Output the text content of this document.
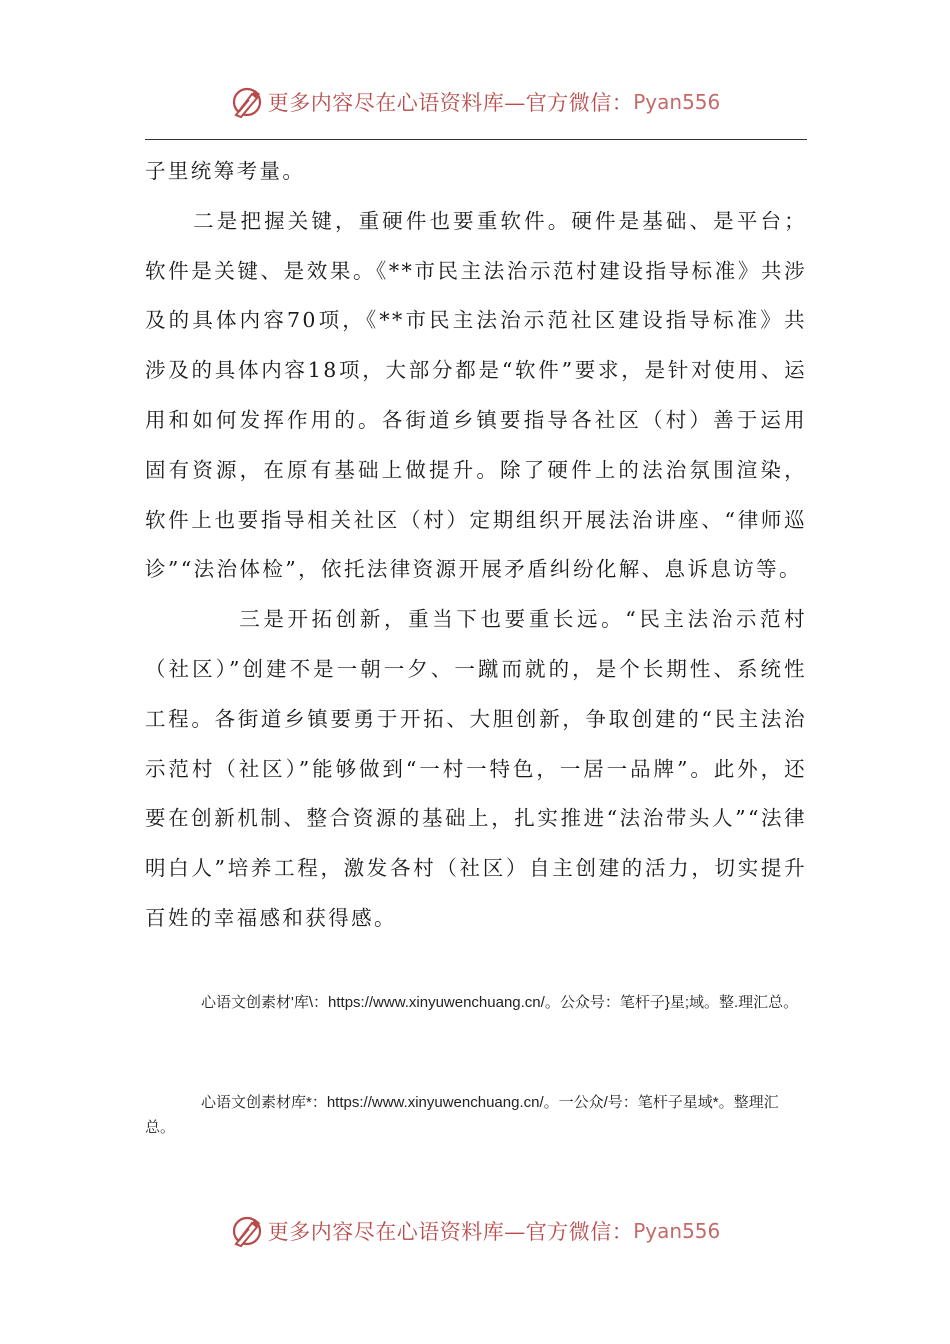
更多内容尽在心语资料库—官方微信： Pyan556

子里统筹考量。

二是把握关键，重硬件也要重软件。硬件是基础、是平台；软件是关键、是效果。《**市民主法治示范村建设指导标准》共涉及的具体内容70项，《**市民主法治示范社区建设指导标准》共涉及的具体内容18项，大部分都是“软件”要求，是针对使用、运用和如何发挥作用的。各街道乡镇要指导各社区（村）善于运用固有资源，在原有基础上做提升。除了硬件上的法治氛围渲染，软件上也要指导相关社区（村）定期组织开展法治讲座、“律师巡诊”“法治体检”，依托法律资源开展矛盾纠纷化解、息诉息访等。

三是开拓创新，重当下也要重长远。“民主法治示范村（社区）”创建不是一朝一夕、一蹴而就的，是个长期性、系统性工程。各街道乡镇要勇于开拓、大胆创新，争取创建的“民主法治示范村（社区）”能够做到“一村一特色，一居一品牌”。此外，还要在创新机制、整合资源的基础上，扎实推进“法治带头人”“法律明白人”培养工程，激发各村（社区）自主创建的活力，切实提升百姓的幸福感和获得感。

心语文创素材'库\：https://www.xinyuwenchuang.cn/。公众号：笔杆子}星;域。整.理汇总。
心语文创素材库*：https://www.xinyuwenchuang.cn/。一公众/号：笔杆子星域*。整理汇总。
更多内容尽在心语资料库—官方微信： Pyan556
